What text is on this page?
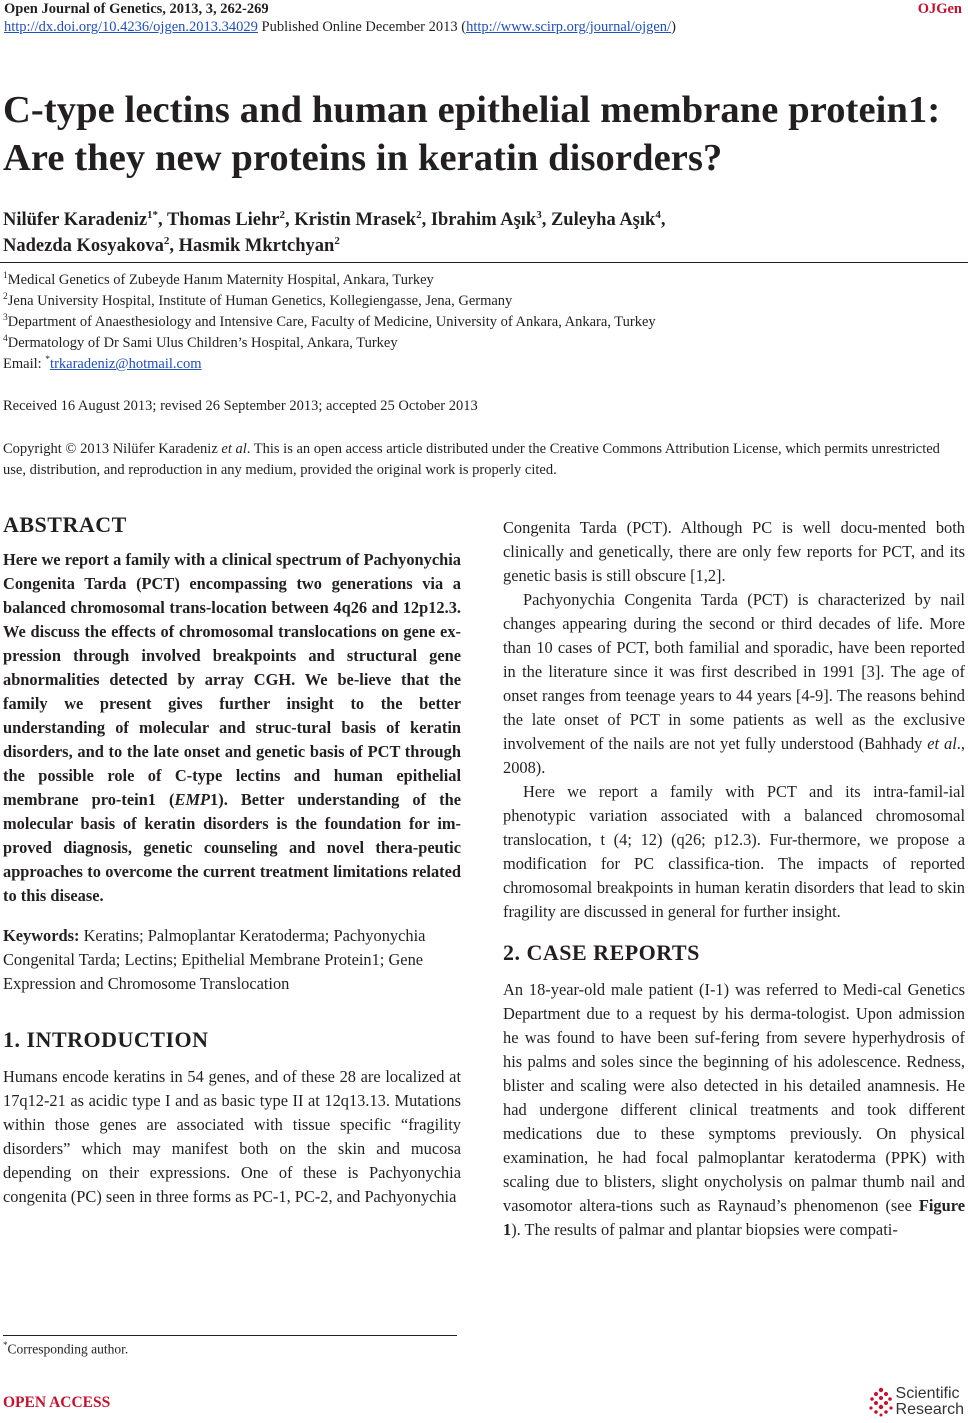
Open Journal of Genetics, 2013, 3, 262-269	OJGen
http://dx.doi.org/10.4236/ojgen.2013.34029 Published Online December 2013 (http://www.scirp.org/journal/ojgen/)
C-type lectins and human epithelial membrane protein1:
Are they new proteins in keratin disorders?
Nilüfer Karadeniz$^{1*}$, Thomas Liehr$^2$, Kristin Mrasek$^2$, Ibrahim Aşık$^3$, Zuleyha Aşık$^4$,
Nadezda Kosyakova$^2$, Hasmik Mkrtchyan$^2$
$^1$Medical Genetics of Zubeyde Hanım Maternity Hospital, Ankara, Turkey
$^2$Jena University Hospital, Institute of Human Genetics, Kollegiengasse, Jena, Germany
$^3$Department of Anaesthesiology and Intensive Care, Faculty of Medicine, University of Ankara, Ankara, Turkey
$^4$Dermatology of Dr Sami Ulus Children’s Hospital, Ankara, Turkey
Email: *trkaradeniz@hotmail.com
Received 16 August 2013; revised 26 September 2013; accepted 25 October 2013
Copyright © 2013 Nilüfer Karadeniz et al. This is an open access article distributed under the Creative Commons Attribution License, which permits unrestricted use, distribution, and reproduction in any medium, provided the original work is properly cited.
ABSTRACT

Here we report a family with a clinical spectrum of Pachyonychia Congenita Tarda (PCT) encompassing two generations via a balanced chromosomal trans-location between 4q26 and 12p12.3. We discuss the effects of chromosomal translocations on gene ex-pression through involved breakpoints and structural gene abnormalities detected by array CGH. We be-lieve that the family we present gives further insight to the better understanding of molecular and struc-tural basis of keratin disorders, and to the late onset and genetic basis of PCT through the possible role of C-type lectins and human epithelial membrane pro-tein1 (EMP1). Better understanding of the molecular basis of keratin disorders is the foundation for im-proved diagnosis, genetic counseling and novel thera-peutic approaches to overcome the current treatment limitations related to this disease.

Keywords: Keratins; Palmoplantar Keratoderma; Pachyonychia Congenital Tarda; Lectins; Epithelial Membrane Protein1; Gene Expression and Chromosome Translocation

1. INTRODUCTION

Humans encode keratins in 54 genes, and of these 28 are localized at 17q12-21 as acidic type I and as basic type II at 12q13.13. Mutations within those genes are associated with tissue specific “fragility disorders” which may manifest both on the skin and mucosa depending on their expressions. One of these is Pachyonychia congenita (PC) seen in three forms as PC-1, PC-2, and Pachyonychia

Congenita Tarda (PCT). Although PC is well docu-mented both clinically and genetically, there are only few reports for PCT, and its genetic basis is still obscure [1,2].

Pachyonychia Congenita Tarda (PCT) is characterized by nail changes appearing during the second or third decades of life. More than 10 cases of PCT, both familial and sporadic, have been reported in the literature since it was first described in 1991 [3]. The age of onset ranges from teenage years to 44 years [4-9]. The reasons behind the late onset of PCT in some patients as well as the exclusive involvement of the nails are not yet fully understood (Bahhady et al., 2008).

Here we report a family with PCT and its intra-famil-ial phenotypic variation associated with a balanced chromosomal translocation, t (4; 12) (q26; p12.3). Fur-thermore, we propose a modification for PC classifica-tion. The impacts of reported chromosomal breakpoints in human keratin disorders that lead to skin fragility are discussed in general for further insight.

2. CASE REPORTS

An 18-year-old male patient (I-1) was referred to Medi-cal Genetics Department due to a request by his derma-tologist. Upon admission he was found to have been suf-fering from severe hyperhydrosis of his palms and soles since the beginning of his adolescence. Redness, blister and scaling were also detected in his detailed anamnesis. He had undergone different clinical treatments and took different medications due to these symptoms previously. On physical examination, he had focal palmoplantar keratoderma (PPK) with scaling due to blisters, slight onycholysis on palmar thumb nail and vasomotor altera-tions such as Raynaud’s phenomenon (see Figure 1). The results of palmar and plantar biopsies were compati-

*Corresponding author.
OPEN ACCESS
Scientific
Research
